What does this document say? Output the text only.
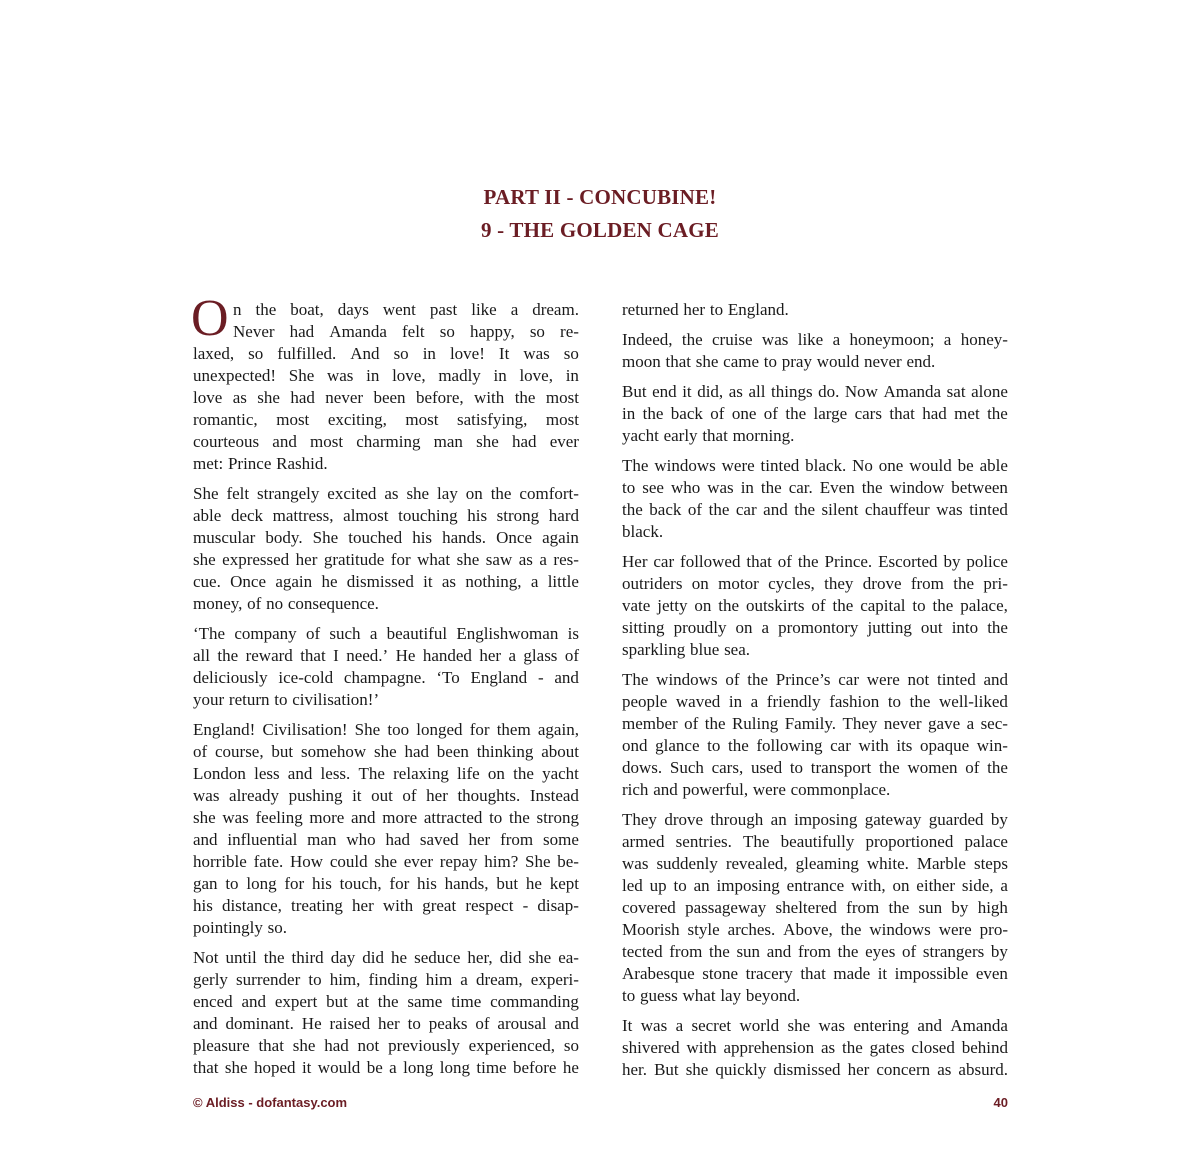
PART II - CONCUBINE!
9 - THE GOLDEN CAGE
n the boat, days went past like a dream.
Never had Amanda felt so happy, so re-
laxed, so fulfilled. And so in love! It was so
unexpected! She was in love, madly in love, in
love as she had never been before, with the most
romantic, most exciting, most satisfying, most
courteous and most charming man she had ever
met: Prince Rashid.
O
She felt strangely excited as she lay on the comfort-
able deck mattress, almost touching his strong hard
muscular body. She touched his hands. Once again
she expressed her gratitude for what she saw as a res-
cue. Once again he dismissed it as nothing, a little
money, of no consequence.
‘The company of such a beautiful Englishwoman is
all the reward that I need.’ He handed her a glass of
deliciously ice-cold champagne. ‘To England - and
your return to civilisation!’
England! Civilisation! She too longed for them again,
of course, but somehow she had been thinking about
London less and less. The relaxing life on the yacht
was already pushing it out of her thoughts. Instead
she was feeling more and more attracted to the strong
and influential man who had saved her from some
horrible fate. How could she ever repay him? She be-
gan to long for his touch, for his hands, but he kept
his distance, treating her with great respect - disap-
pointingly so.
Not until the third day did he seduce her, did she ea-
gerly surrender to him, finding him a dream, experi-
enced and expert but at the same time commanding
and dominant. He raised her to peaks of arousal and
pleasure that she had not previously experienced, so
that she hoped it would be a long long time before he
returned her to England.
Indeed, the cruise was like a honeymoon; a honey-
moon that she came to pray would never end.
But end it did, as all things do. Now Amanda sat alone
in the back of one of the large cars that had met the
yacht early that morning.
The windows were tinted black. No one would be able
to see who was in the car. Even the window between
the back of the car and the silent chauffeur was tinted
black.
Her car followed that of the Prince. Escorted by police
outriders on motor cycles, they drove from the pri-
vate jetty on the outskirts of the capital to the palace,
sitting proudly on a promontory jutting out into the
sparkling blue sea.
The windows of the Prince’s car were not tinted and
people waved in a friendly fashion to the well-liked
member of the Ruling Family. They never gave a sec-
ond glance to the following car with its opaque win-
dows. Such cars, used to transport the women of the
rich and powerful, were commonplace.
They drove through an imposing gateway guarded by
armed sentries. The beautifully proportioned palace
was suddenly revealed, gleaming white. Marble steps
led up to an imposing entrance with, on either side, a
covered passageway sheltered from the sun by high
Moorish style arches. Above, the windows were pro-
tected from the sun and from the eyes of strangers by
Arabesque stone tracery that made it impossible even
to guess what lay beyond.
It was a secret world she was entering and Amanda
shivered with apprehension as the gates closed behind
her. But she quickly dismissed her concern as absurd.
© Aldiss - dofantasy.com	40
